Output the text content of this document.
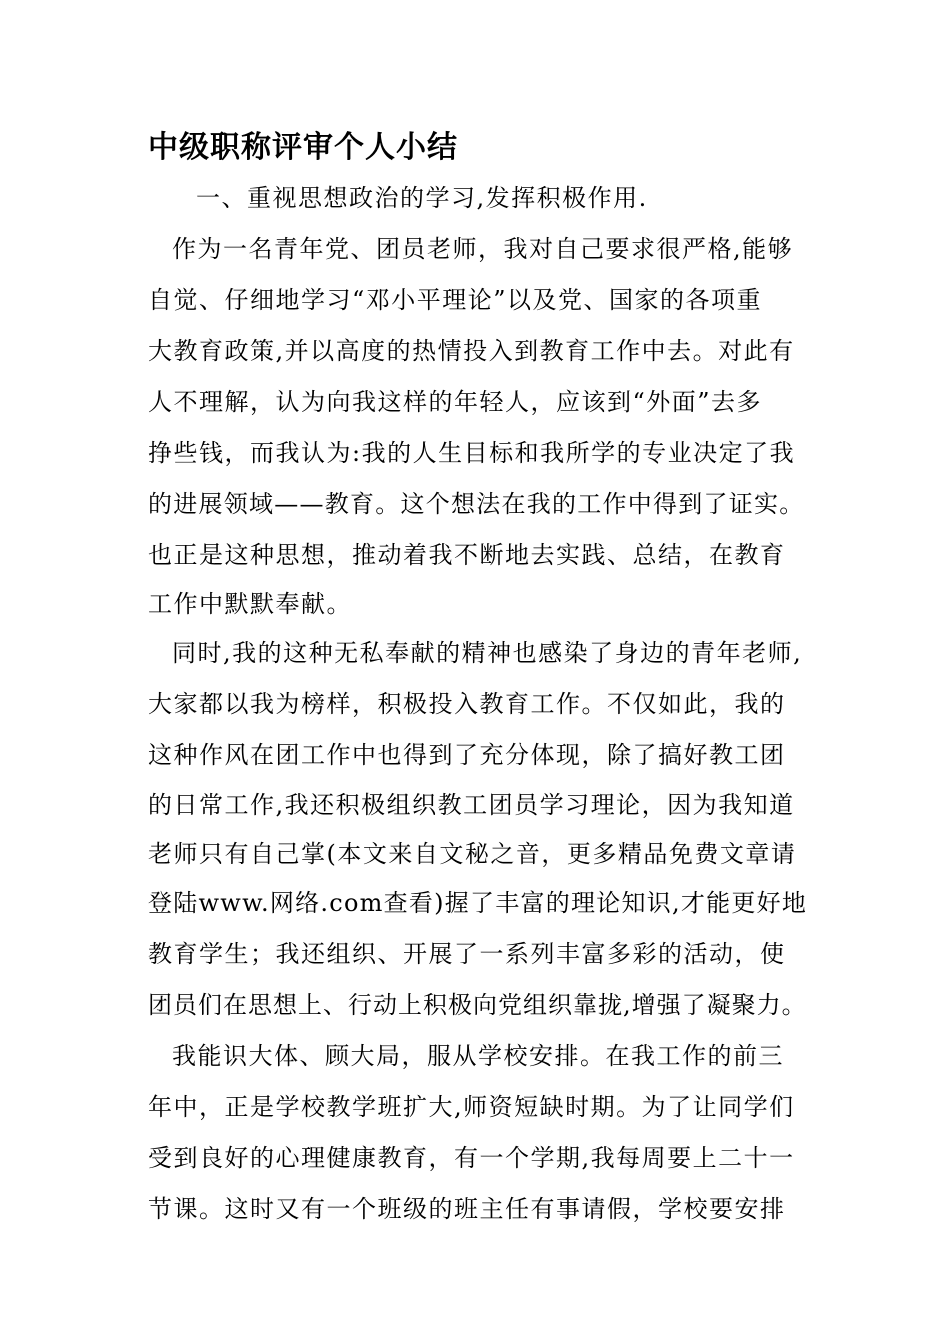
中级职称评审个人小结
一、重视思想政治的学习,发挥积极作用.
作为一名青年党、团员老师，我对自己要求很严格,能够
自觉、仔细地学习“邓小平理论”以及党、国家的各项重
大教育政策,并以高度的热情投入到教育工作中去。对此有
人不理解，认为向我这样的年轻人，应该到“外面”去多
挣些钱，而我认为:我的人生目标和我所学的专业决定了我
的进展领域——教育。这个想法在我的工作中得到了证实。
也正是这种思想，推动着我不断地去实践、总结，在教育
工作中默默奉献。
同时,我的这种无私奉献的精神也感染了身边的青年老师,
大家都以我为榜样，积极投入教育工作。不仅如此，我的
这种作风在团工作中也得到了充分体现，除了搞好教工团
的日常工作,我还积极组织教工团员学习理论，因为我知道
老师只有自己掌(本文来自文秘之音，更多精品免费文章请
登陆www.网络.com查看)握了丰富的理论知识,才能更好地
教育学生；我还组织、开展了一系列丰富多彩的活动，使
团员们在思想上、行动上积极向党组织靠拢,增强了凝聚力。
我能识大体、顾大局，服从学校安排。在我工作的前三
年中，正是学校教学班扩大,师资短缺时期。为了让同学们
受到良好的心理健康教育，有一个学期,我每周要上二十一
节课。这时又有一个班级的班主任有事请假，学校要安排
